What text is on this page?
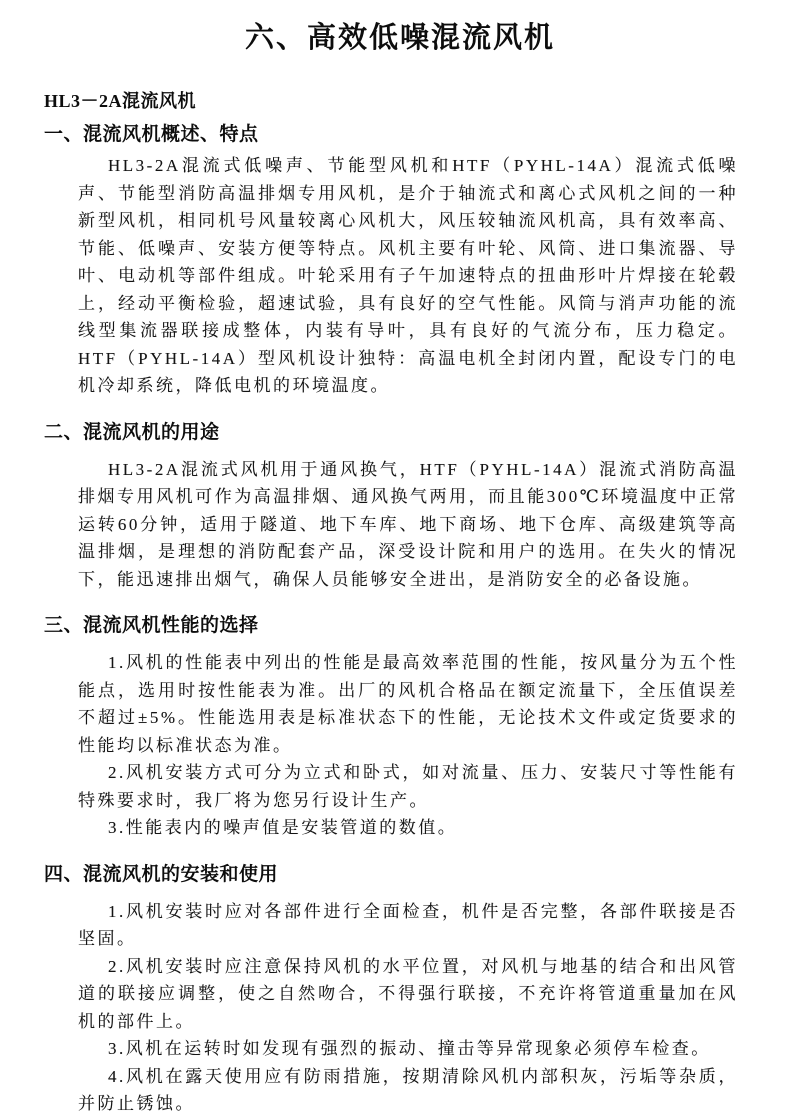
六、高效低噪混流风机
HL3－2A混流风机
一、混流风机概述、特点

HL3-2A混流式低噪声、节能型风机和HTF（PYHL-14A）混流式低噪声、节能型消防高温排烟专用风机，是介于轴流式和离心式风机之间的一种新型风机，相同机号风量较离心风机大，风压较轴流风机高，具有效率高、节能、低噪声、安装方便等特点。风机主要有叶轮、风筒、进口集流器、导叶、电动机等部件组成。叶轮采用有子午加速特点的扭曲形叶片焊接在轮毂上，经动平衡检验，超速试验，具有良好的空气性能。风筒与消声功能的流线型集流器联接成整体，内装有导叶，具有良好的气流分布，压力稳定。HTF（PYHL-14A）型风机设计独特：高温电机全封闭内置，配设专门的电机冷却系统，降低电机的环境温度。

二、混流风机的用途

HL3-2A混流式风机用于通风换气，HTF（PYHL-14A）混流式消防高温排烟专用风机可作为高温排烟、通风换气两用，而且能300℃环境温度中正常运转60分钟，适用于隧道、地下车库、地下商场、地下仓库、高级建筑等高温排烟，是理想的消防配套产品，深受设计院和用户的选用。在失火的情况下，能迅速排出烟气，确保人员能够安全进出，是消防安全的必备设施。

三、混流风机性能的选择

1.风机的性能表中列出的性能是最高效率范围的性能，按风量分为五个性能点，选用时按性能表为准。出厂的风机合格品在额定流量下，全压值误差不超过±5%。性能选用表是标准状态下的性能，无论技术文件或定货要求的性能均以标准状态为准。

2.风机安装方式可分为立式和卧式，如对流量、压力、安装尺寸等性能有特殊要求时，我厂将为您另行设计生产。

3.性能表内的噪声值是安装管道的数值。

四、混流风机的安装和使用

1.风机安装时应对各部件进行全面检查，机件是否完整，各部件联接是否坚固。

2.风机安装时应注意保持风机的水平位置，对风机与地基的结合和出风管道的联接应调整，使之自然吻合，不得强行联接，不充许将管道重量加在风机的部件上。

3.风机在运转时如发现有强烈的振动、撞击等异常现象必须停车检查。

4.风机在露天使用应有防雨措施，按期清除风机内部积灰，污垢等杂质，并防止锈蚀。
